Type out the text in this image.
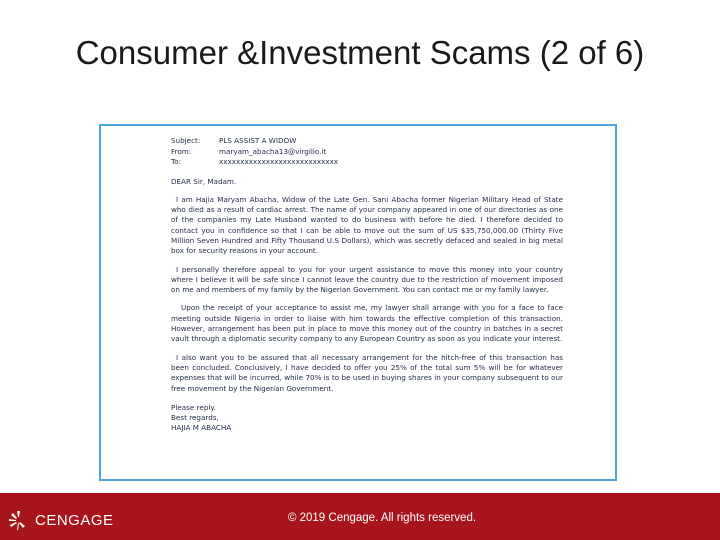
Consumer &Investment Scams (2 of 6)
Subject:	PLS ASSIST A WIDOW
From:	maryam_abacha13@virgilio.it
To:	xxxxxxxxxxxxxxxxxxxxxxxxxxxx
DEAR Sir, Madam.
I am Hajia Maryam Abacha, Widow of the Late Gen. Sani Abacha former Nigerian Military Head of State who died as a result of cardiac arrest. The name of your company appeared in one of our directories as one of the companies my Late Husband wanted to do business with before he died. I therefore decided to contact you in confidence so that I can be able to move out the sum of US $35,750,000.00 (Thirty Five Million Seven Hundred and Fifty Thousand U.S Dollars), which was secretly defaced and sealed in big metal box for security reasons in your account.
I personally therefore appeal to you for your urgent assistance to move this money into your country where I believe it will be safe since I cannot leave the country due to the restriction of movement imposed on me and members of my family by the Nigerian Government. You can contact me or my family lawyer.
Upon the receipt of your acceptance to assist me, my lawyer shall arrange with you for a face to face meeting outside Nigeria in order to liaise with him towards the effective completion of this transaction. However, arrangement has been put in place to move this money out of the country in batches in a secret vault through a diplomatic security company to any European Country as soon as you indicate your interest.
I also want you to be assured that all necessary arrangement for the hitch-free of this transaction has been concluded. Conclusively, I have decided to offer you 25% of the total sum 5% will be for whatever expenses that will be incurred, while 70% is to be used in buying shares in your company subsequent to our free movement by the Nigerian Government.
Please reply.
Best regards,
HAJIA M ABACHA
CENGAGE	© 2019 Cengage. All rights reserved.
